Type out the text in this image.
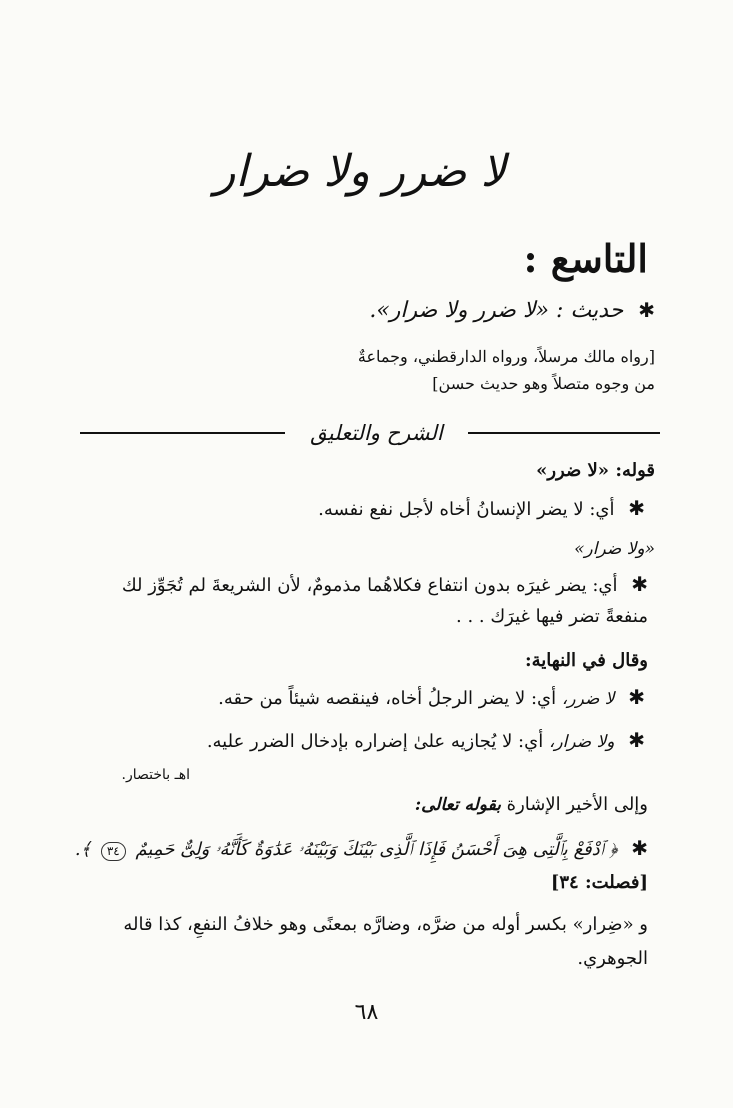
لا ضرر ولا ضرار
التاسع :
✱ حديث : «لا ضرر ولا ضرار».
[رواه مالك مرسلاً، ورواه الدارقطني، وجماعةٌ
من وجوه متصلاً وهو حديث حسن]
الشرح والتعليق
قوله: «لا ضرر»
✱ أي: لا يضر الإنسانُ أخاه لأجل نفع نفسه.
«ولا ضرار»
✱ أي: يضر غيرَه بدون انتفاع فكلاهُما مذمومٌ، لأن الشريعةَ لم تُجَوِّز لك
منفعةً تضر فيها غيرَك . . .
وقال في النهاية:
✱ لا ضرر، أي: لا يضر الرجلُ أخاه، فينقصه شيئاً من حقه.
✱ ولا ضرار، أي: لا يُجازيه علىٰ إضراره بإدخال الضرر عليه.
اهـ باختصار.
وإلى الأخير الإشارة بقوله تعالى:
✱ ﴿ ٱدْفَعْ بِٱلَّتِى هِىَ أَحْسَنُ فَإِذَا ٱلَّذِى بَيْنَكَ وَبَيْنَهُۥ عَدَٰوَةٌ كَأَنَّهُۥ وَلِىٌّ حَمِيمٌ ٣٤ ﴾.
[فصلت: ٣٤]
و «ضِرار» بكسر أوله من ضرَّه، وضارَّه بمعنًى وهو خلافُ النفعِ، كذا قاله
الجوهري.
٦٨
